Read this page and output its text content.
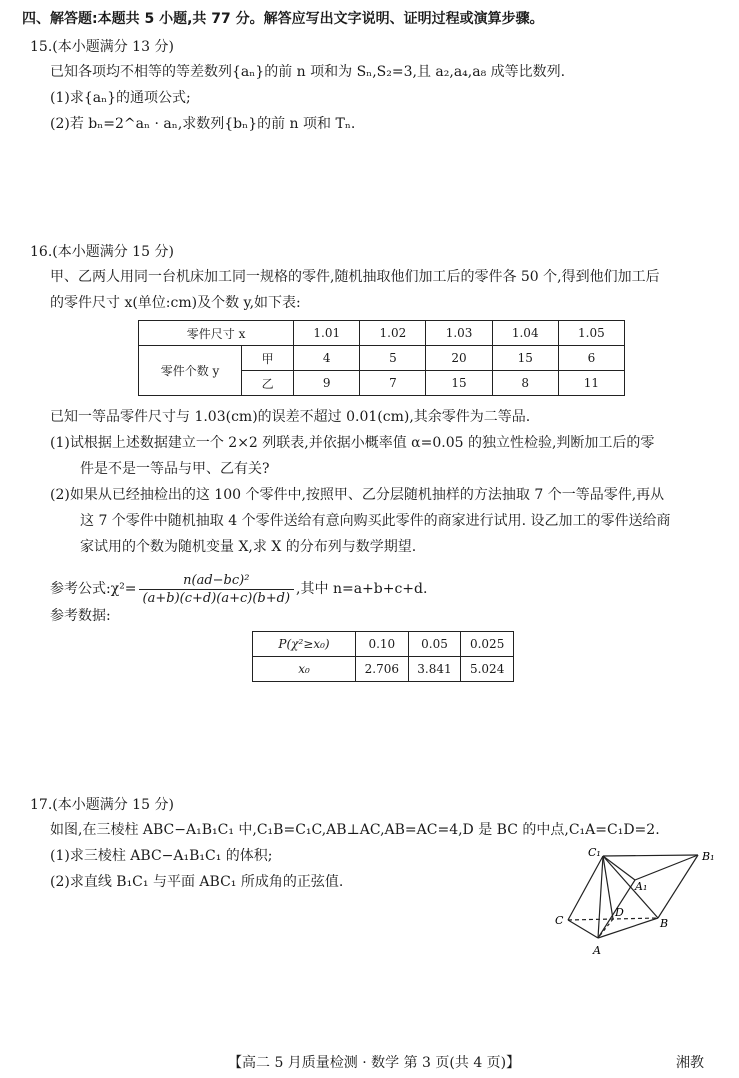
四、解答题:本题共 5 小题,共 77 分。解答应写出文字说明、证明过程或演算步骤。
15.(本小题满分 13 分)
已知各项均不相等的等差数列{aₙ}的前 n 项和为 Sₙ,S₂=3,且 a₂,a₄,a₈ 成等比数列.
(1)求{aₙ}的通项公式;
(2)若 bₙ=2^aₙ · aₙ,求数列{bₙ}的前 n 项和 Tₙ.
16.(本小题满分 15 分)
甲、乙两人用同一台机床加工同一规格的零件,随机抽取他们加工后的零件各 50 个,得到他们加工后
的零件尺寸 x(单位:cm)及个数 y,如下表:
零件尺寸 x		1.01	1.02	1.03	1.04	1.05
零件个数 y	甲	4	5	20	15	6
	乙	9	7	15	8	11
已知一等品零件尺寸与 1.03(cm)的误差不超过 0.01(cm),其余零件为二等品.
(1)试根据上述数据建立一个 2×2 列联表,并依据小概率值 α=0.05 的独立性检验,判断加工后的零
件是不是一等品与甲、乙有关?
(2)如果从已经抽检出的这 100 个零件中,按照甲、乙分层随机抽样的方法抽取 7 个一等品零件,再从
这 7 个零件中随机抽取 4 个零件送给有意向购买此零件的商家进行试用. 设乙加工的零件送给商
家试用的个数为随机变量 X,求 X 的分布列与数学期望.
参考公式:χ²= $\frac{\text{n(ad−bc)²}}{(a+b)(c+d)(a+c)(b+d)}$ ,其中 n=a+b+c+d.
参考数据:
P(χ²≥x₀)	0.10	0.05	0.025
x₀	2.706	3.841	5.024
17.(本小题满分 15 分)
如图,在三棱柱 ABC−A₁B₁C₁ 中,C₁B=C₁C,AB⊥AC,AB=AC=4,D 是 BC 的中点,C₁A=C₁D=2.
(1)求三棱柱 ABC−A₁B₁C₁ 的体积;
(2)求直线 B₁C₁ 与平面 ABC₁ 所成角的正弦值.
C₁	B₁
A₁
C
D
B
A
【高二 5 月质量检测 · 数学 第 3 页(共 4 页)】	湘教
